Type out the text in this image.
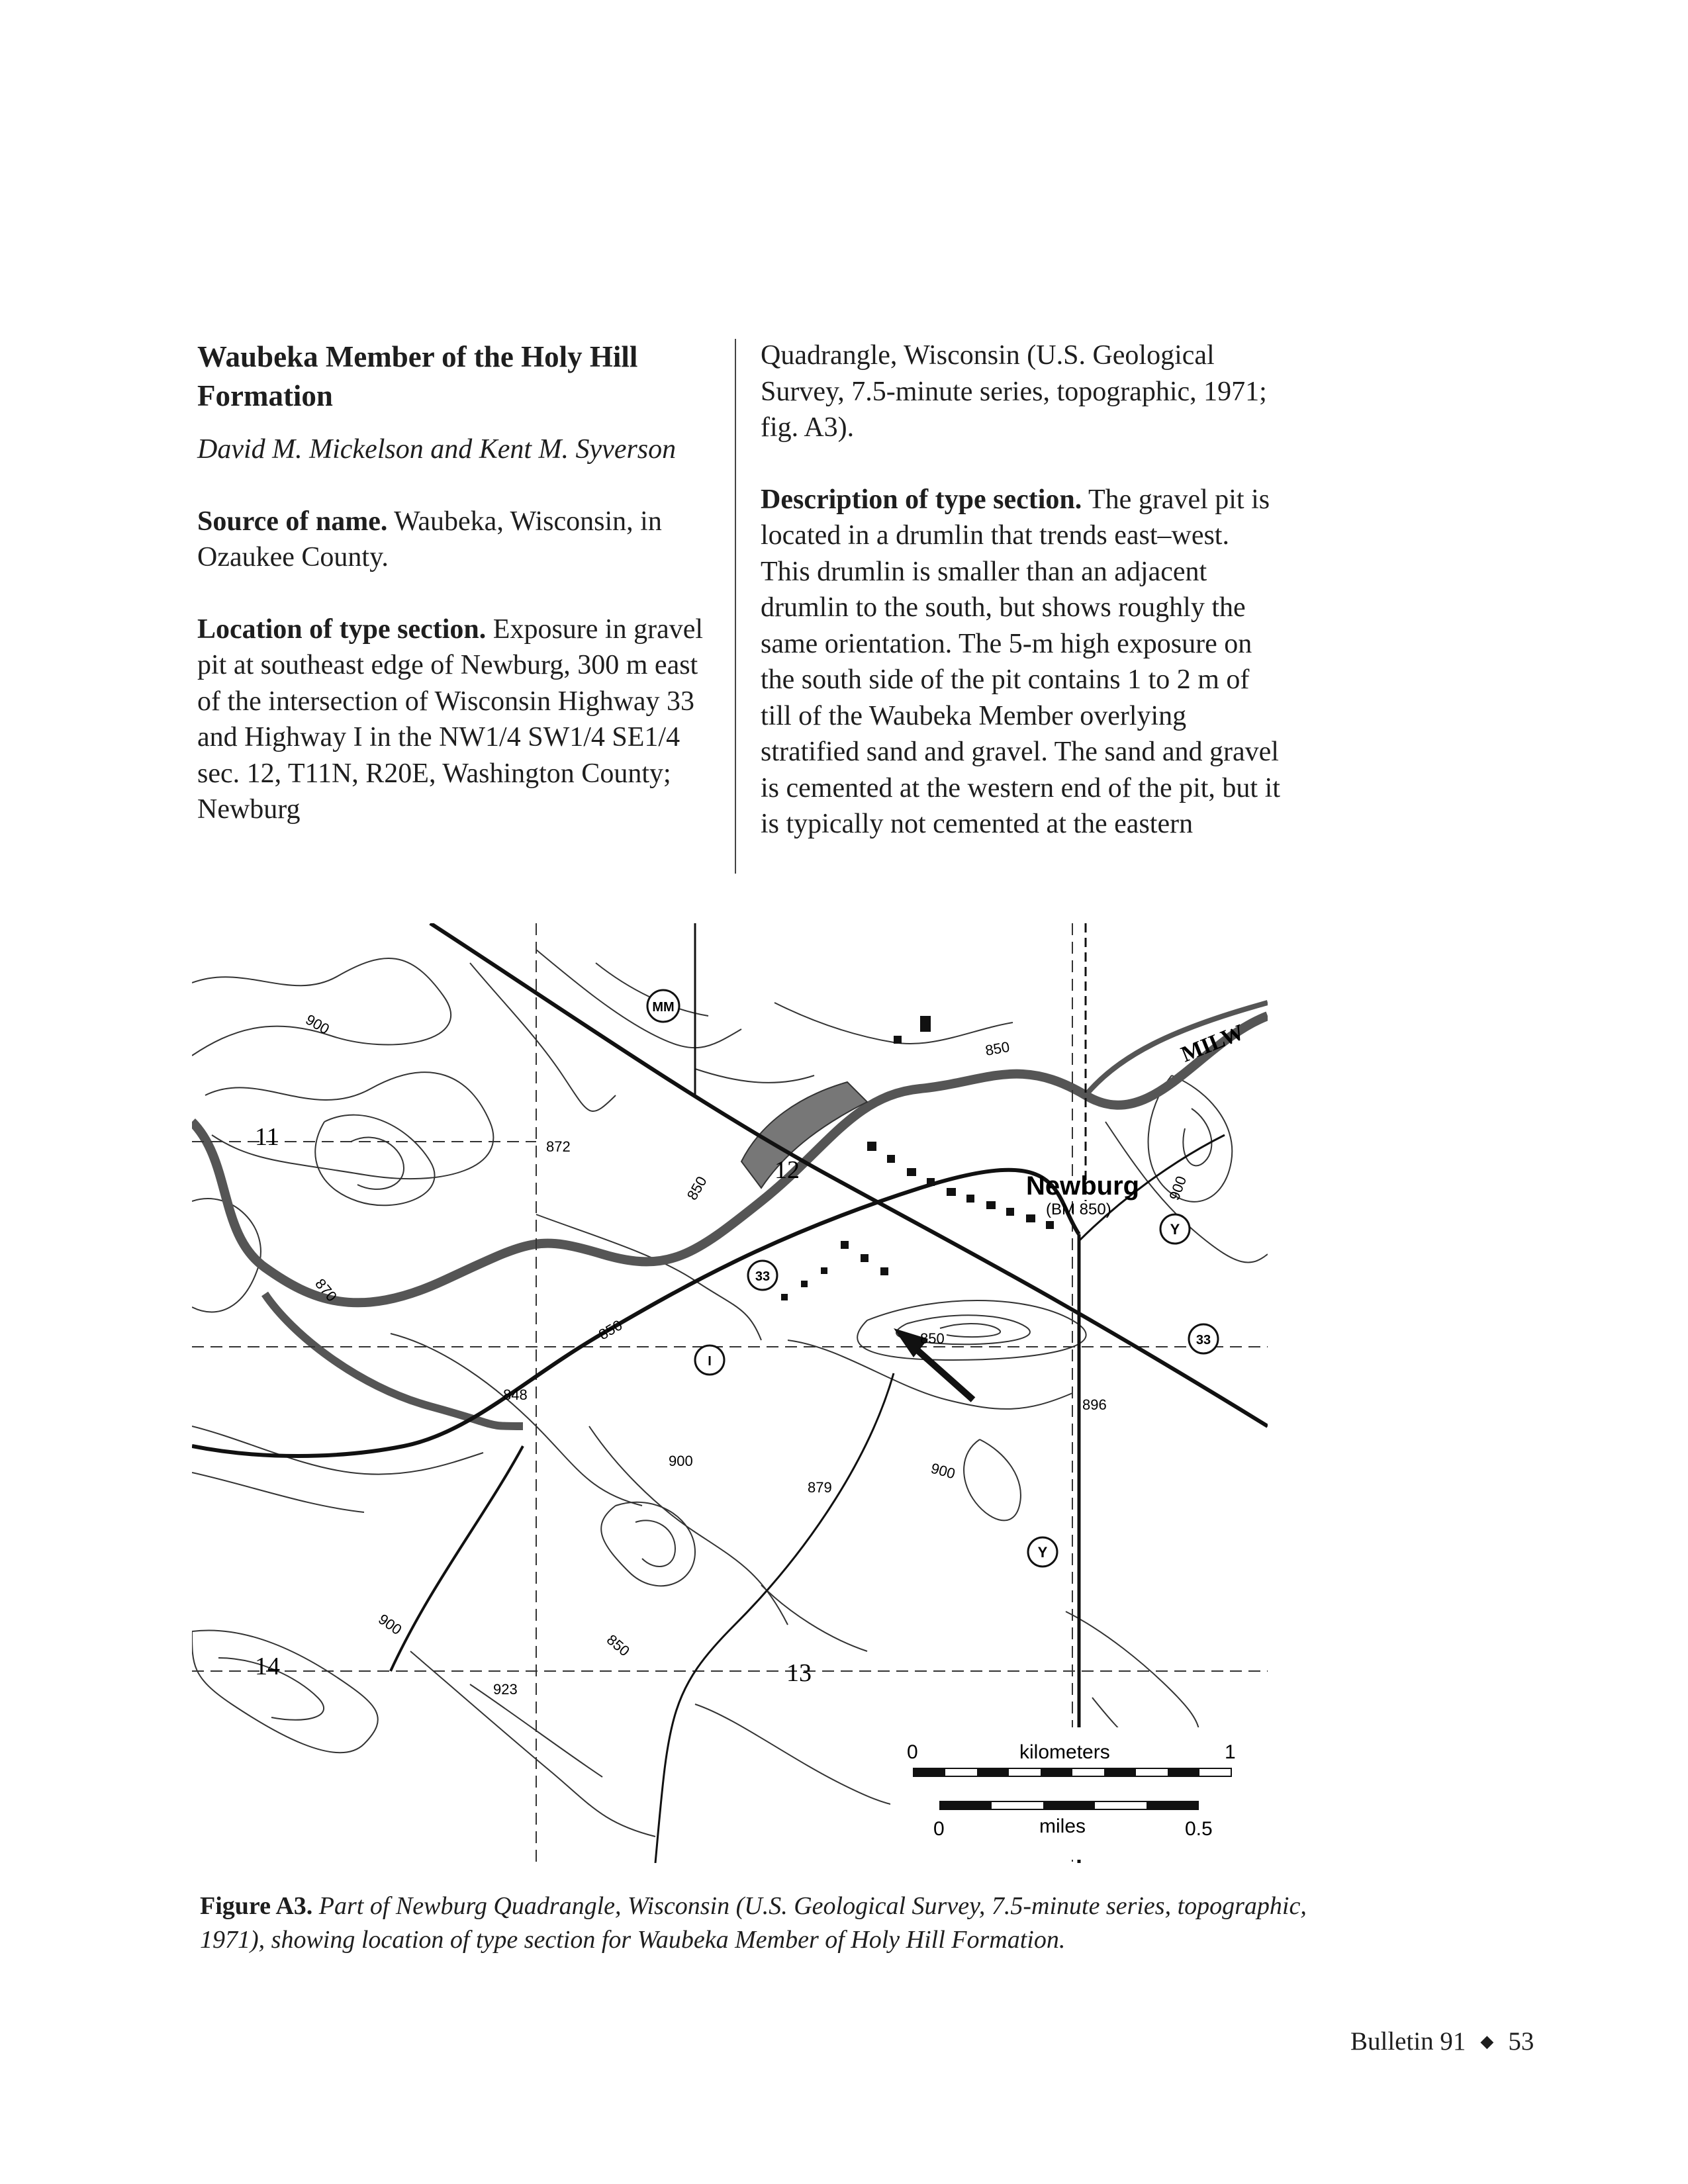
Waubeka Member of the Holy Hill Formation

David M. Mickelson and Kent M. Syverson

Source of name. Waubeka, Wisconsin, in Ozaukee County.

Location of type section. Exposure in gravel pit at southeast edge of Newburg, 300 m east of the intersection of Wisconsin Highway 33 and Highway I in the NW1/4 SW1/4 SE1/4 sec. 12, T11N, R20E, Washington County; Newburg

Quadrangle, Wisconsin (U.S. Geological Survey, 7.5-minute series, topographic, 1971; fig. A3).

Description of type section. The gravel pit is located in a drumlin that trends east–west. This drumlin is smaller than an adjacent drumlin to the south, but shows roughly the same orientation. The 5-m high exposure on the south side of the pit contains 1 to 2 m of till of the Waubeka Member overlying stratified sand and gravel. The sand and gravel is cemented at the western end of the pit, but it is typically not cemented at the eastern

Newburg
(BM 850)
MILW
11
12
14	13
900
850
872
850
870
850	850
848
900	900
879
896
900
900
923
850
MM
33
I
Y
33
Y
0	kilometers	1
0	miles	0.5
Figure A3. Part of Newburg Quadrangle, Wisconsin (U.S. Geological Survey, 7.5-minute series, topographic, 1971), showing location of type section for Waubeka Member of Holy Hill Formation.
Bulletin 91 ◆ 53
